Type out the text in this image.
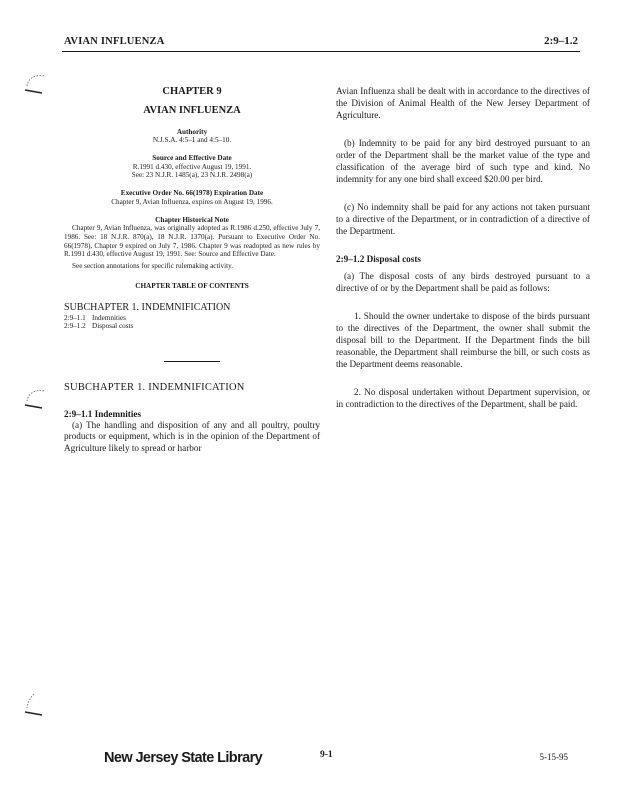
AVIAN INFLUENZA	2:9–1.2
CHAPTER 9
AVIAN INFLUENZA
Authority
N.J.S.A. 4:5–1 and 4:5–10.
Source and Effective Date
R.1991 d.430, effective August 19, 1991.
See: 23 N.J.R. 1485(a), 23 N.J.R. 2498(a)
Executive Order No. 66(1978) Expiration Date
Chapter 9, Avian Influenza, expires on August 19, 1996.
Chapter Historical Note
Chapter 9, Avian Influenza, was originally adopted as R.1986 d.250, effective July 7, 1986. See: 18 N.J.R. 870(a), 18 N.J.R. 1370(a). Pursuant to Executive Order No. 66(1978), Chapter 9 expired on July 7, 1986. Chapter 9 was readopted as new rules by R.1991 d.430, effective August 19, 1991. See: Source and Effective Date.
See section annotations for specific rulemaking activity.
CHAPTER TABLE OF CONTENTS
SUBCHAPTER 1. INDEMNIFICATION
2:9–1.1 Indemnities
2:9–1.2 Disposal costs
SUBCHAPTER 1. INDEMNIFICATION
2:9–1.1 Indemnities

(a) The handling and disposition of any and all poultry, poultry products or equipment, which is in the opinion of the Department of Agriculture likely to spread or harbor

Avian Influenza shall be dealt with in accordance to the directives of the Division of Animal Health of the New Jersey Department of Agriculture.

(b) Indemnity to be paid for any bird destroyed pursuant to an order of the Department shall be the market value of the type and classification of the average bird of such type and kind. No indemnity for any one bird shall exceed $20.00 per bird.

(c) No indemnity shall be paid for any actions not taken pursuant to a directive of the Department, or in contradiction of a directive of the Department.

2:9–1.2 Disposal costs

(a) The disposal costs of any birds destroyed pursuant to a directive of or by the Department shall be paid as follows:

1. Should the owner undertake to dispose of the birds pursuant to the directives of the Department, the owner shall submit the disposal bill to the Department. If the Department finds the bill reasonable, the Department shall reimburse the bill, or such costs as the Department deems reasonable.

2. No disposal undertaken without Department supervision, or in contradiction to the directives of the Department, shall be paid.

New Jersey State Library	9-1	5-15-95
